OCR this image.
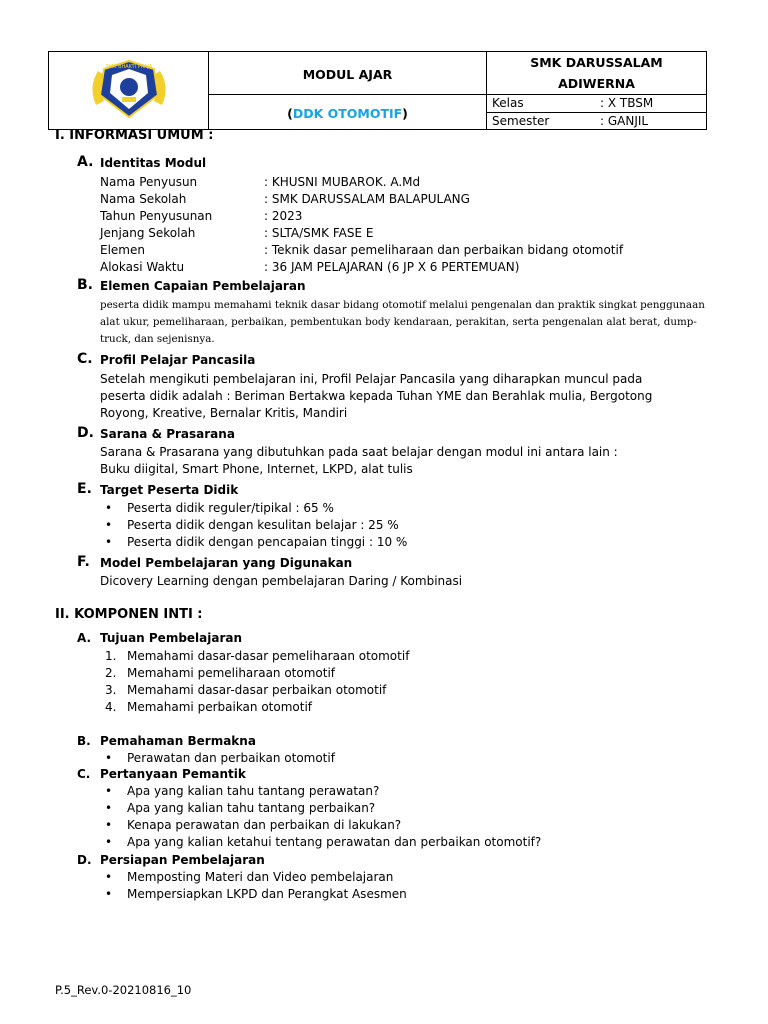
SMK BHAKTI PRAJA	MODUL AJAR	SMK DARUSSALAM
ADIWERNA

	(DDK OTOMOTIF)	Kelas : X TBSM
Semester : GANJIL
I. INFORMASI UMUM :
A. Identitas Modul
Nama Penyusun	: KHUSNI MUBAROK. A.Md
Nama Sekolah	: SMK DARUSSALAM BALAPULANG
Tahun Penyusunan	: 2023
Jenjang Sekolah	: SLTA/SMK FASE E
Elemen	: Teknik dasar pemeliharaan dan perbaikan bidang otomotif
Alokasi Waktu	: 36 JAM PELAJARAN (6 JP X 6 PERTEMUAN)
B. Elemen Capaian Pembelajaran
peserta didik mampu memahami teknik dasar bidang otomotif melalui pengenalan dan praktik singkat penggunaan
alat ukur, pemeliharaan, perbaikan, pembentukan body kendaraan, perakitan, serta pengenalan alat berat, dump-
truck, dan sejenisnya.
C. Profil Pelajar Pancasila
Setelah mengikuti pembelajaran ini, Profil Pelajar Pancasila yang diharapkan muncul pada
peserta didik adalah : Beriman Bertakwa kepada Tuhan YME dan Berahlak mulia, Bergotong
Royong, Kreative, Bernalar Kritis, Mandiri
D. Sarana & Prasarana
Sarana & Prasarana yang dibutuhkan pada saat belajar dengan modul ini antara lain :
Buku diigital, Smart Phone, Internet, LKPD, alat tulis
E. Target Peserta Didik
•	Peserta didik reguler/tipikal : 65 %
•	Peserta didik dengan kesulitan belajar : 25 %
•	Peserta didik dengan pencapaian tinggi : 10 %
F. Model Pembelajaran yang Digunakan
Dicovery Learning dengan pembelajaran Daring / Kombinasi
II. KOMPONEN INTI :
A. Tujuan Pembelajaran
1. Memahami dasar-dasar pemeliharaan otomotif
2. Memahami pemeliharaan otomotif
3. Memahami dasar-dasar perbaikan otomotif
4. Memahami perbaikan otomotif
B. Pemahaman Bermakna
•	Perawatan dan perbaikan otomotif
C. Pertanyaan Pemantik
•	Apa yang kalian tahu tantang perawatan?
•	Apa yang kalian tahu tantang perbaikan?
•	Kenapa perawatan dan perbaikan di lakukan?
•	Apa yang kalian ketahui tentang perawatan dan perbaikan otomotif?
D. Persiapan Pembelajaran
•	Memposting Materi dan Video pembelajaran
•	Mempersiapkan LKPD dan Perangkat Asesmen
P.5_Rev.0-20210816_10
